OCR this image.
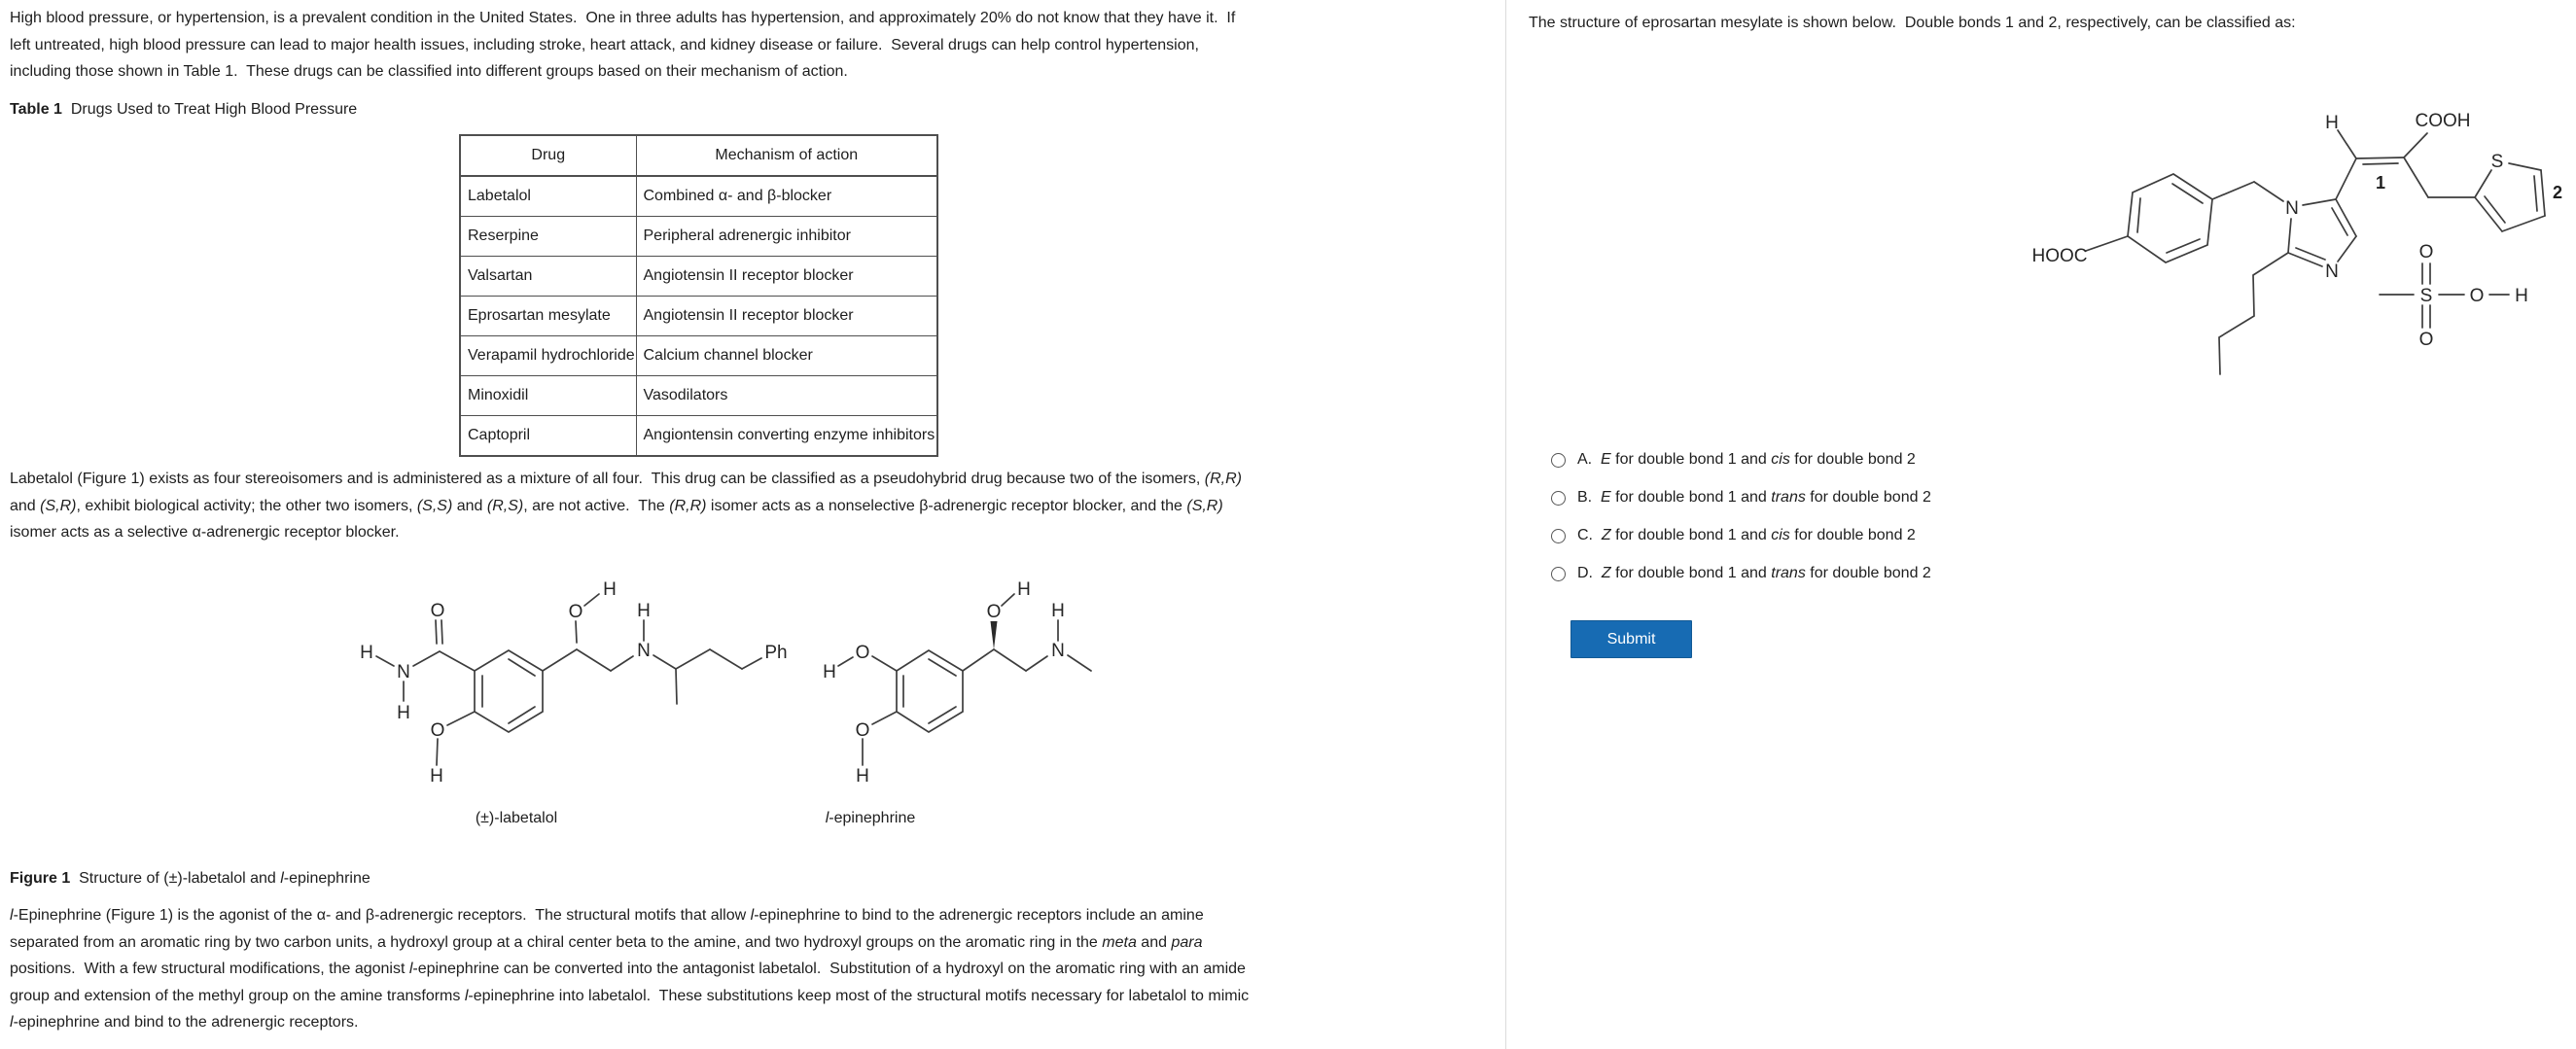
High blood pressure, or hypertension, is a prevalent condition in the United States.  One in three adults has hypertension, and approximately 20% do not know that they have it.  If
left untreated, high blood pressure can lead to major health issues, including stroke, heart attack, and kidney disease or failure.  Several drugs can help control hypertension,
including those shown in Table 1.  These drugs can be classified into different groups based on their mechanism of action.
Table 1  Drugs Used to Treat High Blood Pressure
Drug	Mechanism of action
Labetalol	Combined α- and β-blocker
Reserpine	Peripheral adrenergic inhibitor
Valsartan	Angiotensin II receptor blocker
Eprosartan mesylate	Angiotensin II receptor blocker
Verapamil hydrochloride	Calcium channel blocker
Minoxidil	Vasodilators
Captopril	Angiontensin converting enzyme inhibitors
Labetalol (Figure 1) exists as four stereoisomers and is administered as a mixture of all four.  This drug can be classified as a pseudohybrid drug because two of the isomers, (R,R)
and (S,R), exhibit biological activity; the other two isomers, (S,S) and (R,S), are not active.  The (R,R) isomer acts as a nonselective β-adrenergic receptor blocker, and the (S,R)
isomer acts as a selective α-adrenergic receptor blocker.
H
N
H
O
O
H
O
H
H
N	Ph
H
O
O
H
O
H
H
N
(±)-labetalol	l-epinephrine
Figure 1  Structure of (±)-labetalol and l-epinephrine
l-Epinephrine (Figure 1) is the agonist of the α- and β-adrenergic receptors.  The structural motifs that allow l-epinephrine to bind to the adrenergic receptors include an amine
separated from an aromatic ring by two carbon units, a hydroxyl group at a chiral center beta to the amine, and two hydroxyl groups on the aromatic ring in the meta and para
positions.  With a few structural modifications, the agonist l-epinephrine can be converted into the antagonist labetalol.  Substitution of a hydroxyl on the aromatic ring with an amide
group and extension of the methyl group on the amine transforms l-epinephrine into labetalol.  These substitutions keep most of the structural motifs necessary for labetalol to mimic
l-epinephrine and bind to the adrenergic receptors.
The structure of eprosartan mesylate is shown below.  Double bonds 1 and 2, respectively, can be classified as:
H	COOH
1
S
2
N
N
HOOC
S
O
O
O H
A.  E for double bond 1 and cis for double bond 2
B.  E for double bond 1 and trans for double bond 2
C.  Z for double bond 1 and cis for double bond 2
D.  Z for double bond 1 and trans for double bond 2
Submit
